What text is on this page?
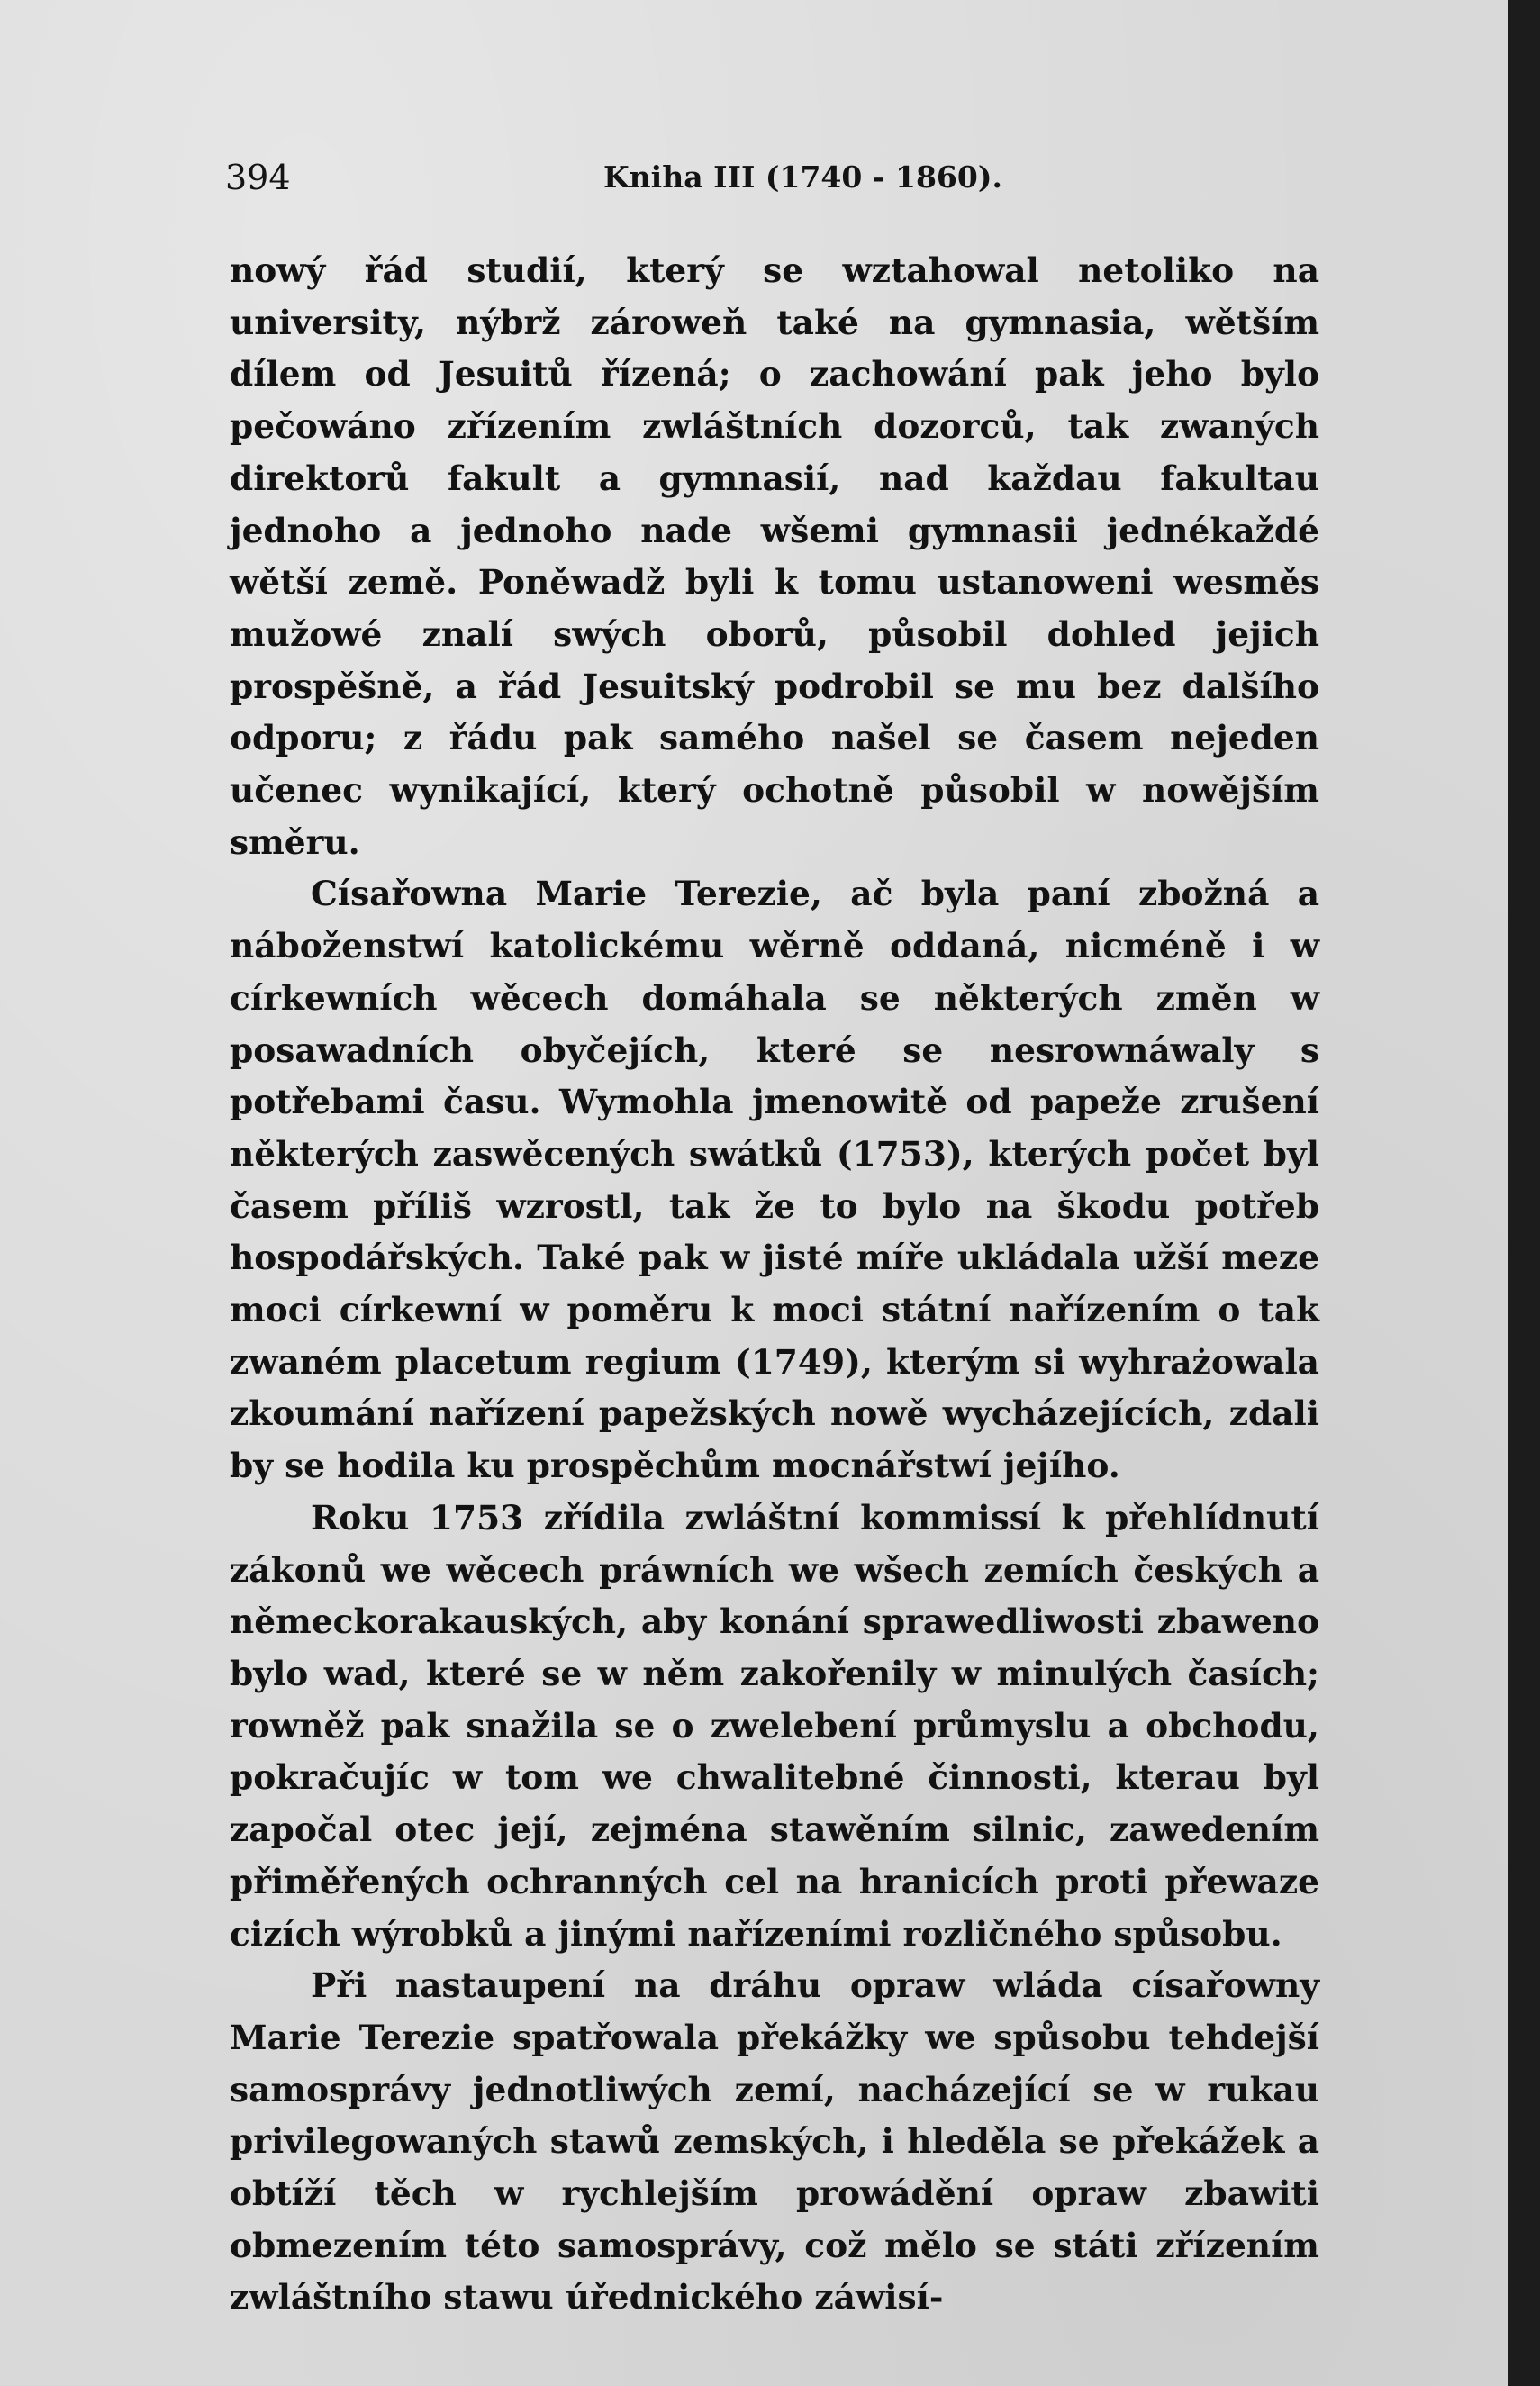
394	Kniha III (1740 - 1860).

nowý řád studií, který se wztahowal netoliko na university, nýbrž zároweň také na gymnasia, wětším dílem od Jesuitů řízená; o zachowání pak jeho bylo pečowáno zřízením zwláštních dozorců, tak zwaných direktorů fakult a gymnasií, nad každau fakultau jednoho a jednoho nade wšemi gymnasii jednékaždé wětší země. Poněwadž byli k tomu ustanoweni wesměs mužowé znalí swých oborů, působil dohled jejich prospěšně, a řád Jesuitský podrobil se mu bez dalšího odporu; z řádu pak samého našel se časem nejeden učenec wynikající, který ochotně působil w nowějším směru.

Císařowna Marie Terezie, ač byla paní zbožná a náboženstwí katolickému wěrně oddaná, nicméně i w církewních wěcech domáhala se některých změn w posawadních obyčejích, které se nesrownáwaly s potřebami času. Wymohla jmenowitě od papeže zrušení některých zaswěcených swátků (1753), kterých počet byl časem příliš wzrostl, tak že to bylo na škodu potřeb hospodářských. Také pak w jisté míře ukládala užší meze moci církewní w poměru k moci státní nařízením o tak zwaném placetum regium (1749), kterým si wyhrażowala zkoumání nařízení papežských nowě wycházejících, zdali by se hodila ku prospěchům mocnářstwí jejího.

Roku 1753 zřídila zwláštní kommissí k přehlídnutí zákonů we wěcech práwních we wšech zemích českých a německorakauských, aby konání sprawedliwosti zbaweno bylo wad, které se w něm zakořenily w minulých časích; rowněž pak snažila se o zwelebení průmyslu a obchodu, pokračujíc w tom we chwalitebné činnosti, kterau byl započal otec její, zejména stawěním silnic, zawedením přiměřených ochranných cel na hranicích proti přewaze cizích wýrobků a jinými nařízeními rozličného spůsobu.

Při nastaupení na dráhu opraw wláda císařowny Marie Terezie spatřowala překážky we spůsobu tehdejší samosprávy jednotliwých zemí, nacházející se w rukau privilegowaných stawů zemských, i hleděla se překážek a obtíží těch w rychlejším prowádění opraw zbawiti obmezením této samosprávy, což mělo se státi zřízením zwláštního stawu úřednického záwisí-
